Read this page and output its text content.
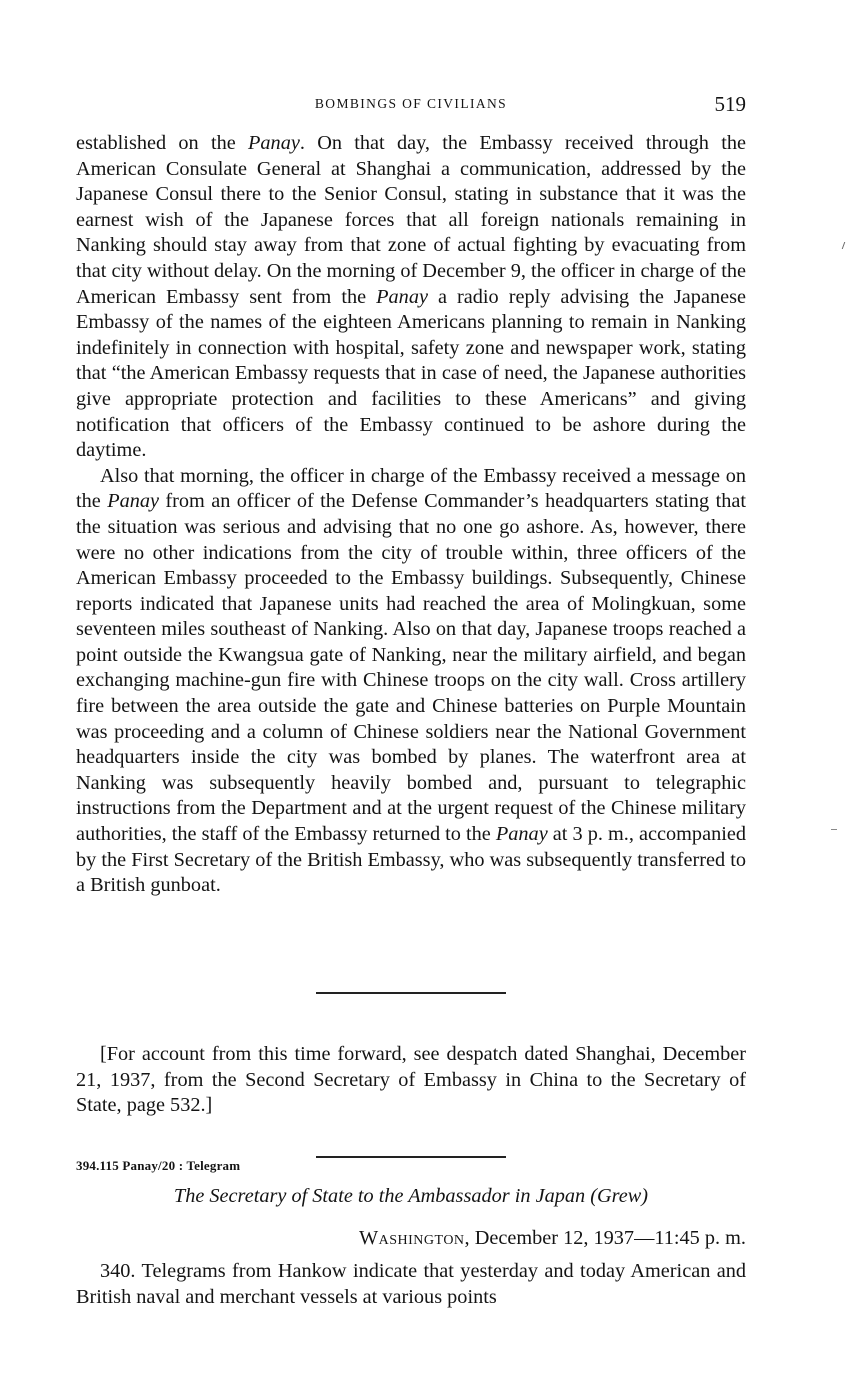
BOMBINGS OF CIVILIANS	519

established on the Panay. On that day, the Embassy received through the American Consulate General at Shanghai a communication, addressed by the Japanese Consul there to the Senior Consul, stating in substance that it was the earnest wish of the Japanese forces that all foreign nationals remaining in Nanking should stay away from that zone of actual fighting by evacuating from that city without delay. On the morning of December 9, the officer in charge of the American Embassy sent from the Panay a radio reply advising the Japanese Embassy of the names of the eighteen Americans planning to remain in Nanking indefinitely in connection with hospital, safety zone and newspaper work, stating that “the American Embassy requests that in case of need, the Japanese authorities give appropriate protection and facilities to these Americans” and giving notification that officers of the Embassy continued to be ashore during the daytime.

Also that morning, the officer in charge of the Embassy received a message on the Panay from an officer of the Defense Commander’s headquarters stating that the situation was serious and advising that no one go ashore. As, however, there were no other indications from the city of trouble within, three officers of the American Embassy proceeded to the Embassy buildings. Subsequently, Chinese reports indicated that Japanese units had reached the area of Molingkuan, some seventeen miles southeast of Nanking. Also on that day, Japanese troops reached a point outside the Kwangsua gate of Nanking, near the military airfield, and began exchanging machine-gun fire with Chinese troops on the city wall. Cross artillery fire between the area outside the gate and Chinese batteries on Purple Mountain was proceeding and a column of Chinese soldiers near the National Government headquarters inside the city was bombed by planes. The waterfront area at Nanking was subsequently heavily bombed and, pursuant to telegraphic instructions from the Department and at the urgent request of the Chinese military authorities, the staff of the Embassy returned to the Panay at 3 p. m., accompanied by the First Secretary of the British Embassy, who was subsequently transferred to a British gunboat.

[For account from this time forward, see despatch dated Shanghai, December 21, 1937, from the Second Secretary of Embassy in China to the Secretary of State, page 532.]

394.115 Panay/20 : Telegram
The Secretary of State to the Ambassador in Japan (Grew)
Washington, December 12, 1937—11:45 p. m.

340. Telegrams from Hankow indicate that yesterday and today American and British naval and merchant vessels at various points
